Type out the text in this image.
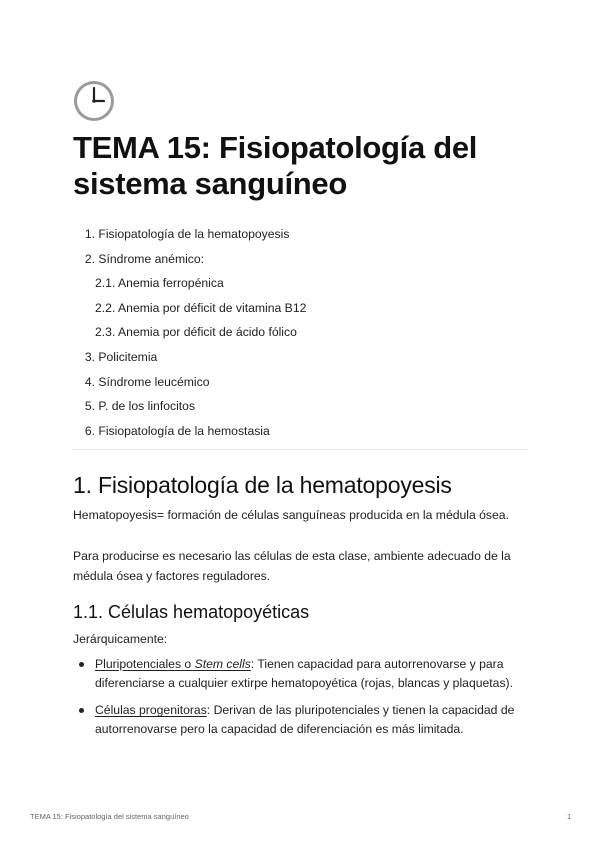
TEMA 15: Fisiopatología del sistema sanguíneo
1. Fisiopatología de la hematopoyesis
2. Síndrome anémico:
2.1. Anemia ferropénica
2.2. Anemia por déficit de vitamina B12
2.3. Anemia por déficit de ácido fólico
3. Policitemia
4. Síndrome leucémico
5. P. de los linfocitos
6. Fisiopatología de la hemostasia
1. Fisiopatología de la hematopoyesis

Hematopoyesis= formación de células sanguíneas producida en la médula ósea.

Para producirse es necesario las células de esta clase, ambiente adecuado de la médula ósea y factores reguladores.

1.1. Células hematopoyéticas

Jerárquicamente:

Pluripotenciales o Stem cells: Tienen capacidad para autorrenovarse y para diferenciarse a cualquier extirpe hematopoyética (rojas, blancas y plaquetas).
Células progenitoras: Derivan de las pluripotenciales y tienen la capacidad de autorrenovarse pero la capacidad de diferenciación es más limitada.
TEMA 15: Fisiopatología del sistema sanguíneo	1
